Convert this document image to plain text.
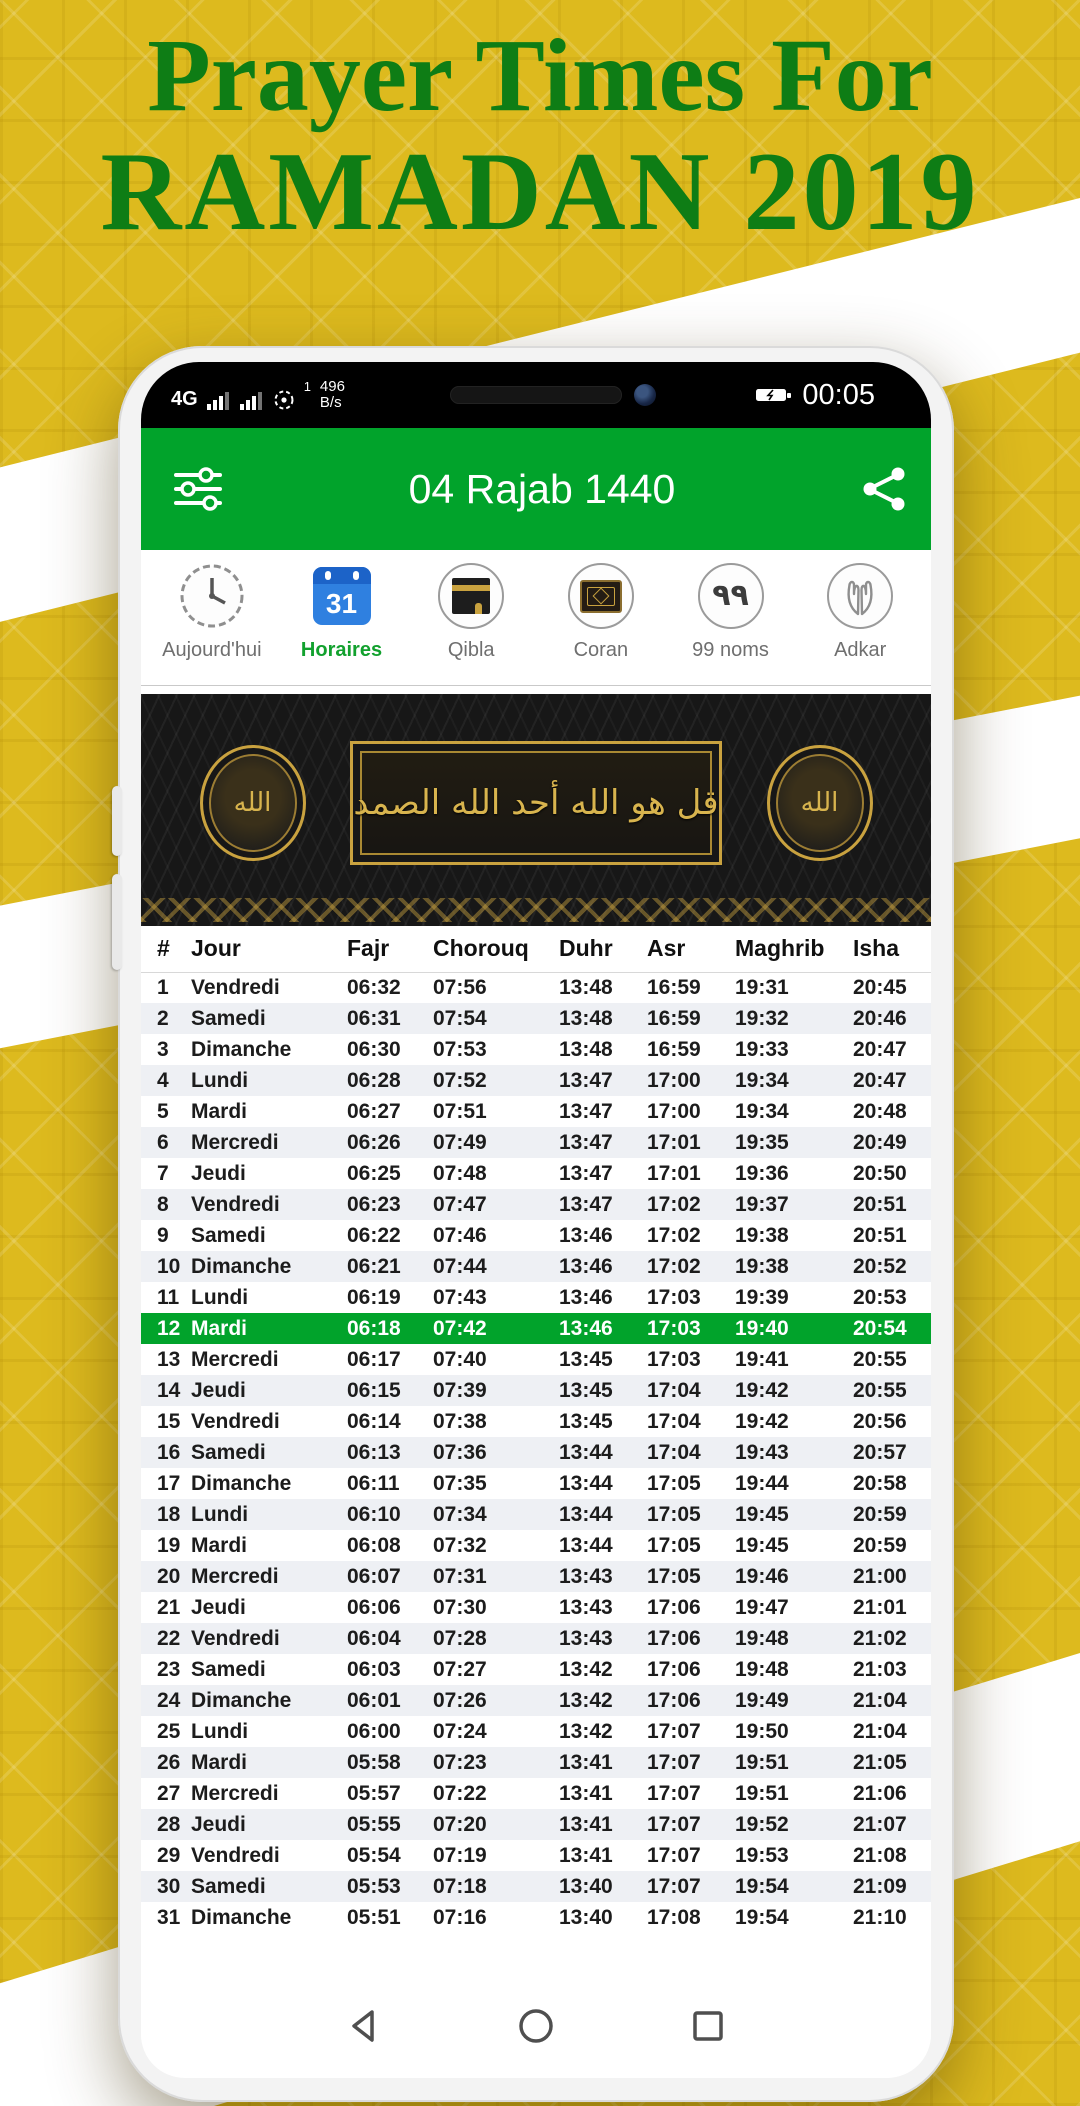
Prayer Times For
RAMADAN 2019
4G
1 496
B/s	00:05
04 Rajab 1440
Aujourd'hui
31
Horaires	Qibla	Coran
٩٩
99 noms	Adkar
الله قل هو الله أحد الله الصمد	الله
#	Jour	Fajr	Chorouq	Duhr	Asr	Maghrib	Isha
1	Vendredi	06:32	07:56	13:48	16:59	19:31	20:45
2	Samedi	06:31	07:54	13:48	16:59	19:32	20:46
3	Dimanche	06:30	07:53	13:48	16:59	19:33	20:47
4	Lundi	06:28	07:52	13:47	17:00	19:34	20:47
5	Mardi	06:27	07:51	13:47	17:00	19:34	20:48
6	Mercredi	06:26	07:49	13:47	17:01	19:35	20:49
7	Jeudi	06:25	07:48	13:47	17:01	19:36	20:50
8	Vendredi	06:23	07:47	13:47	17:02	19:37	20:51
9	Samedi	06:22	07:46	13:46	17:02	19:38	20:51
10	Dimanche	06:21	07:44	13:46	17:02	19:38	20:52
11	Lundi	06:19	07:43	13:46	17:03	19:39	20:53
12	Mardi	06:18	07:42	13:46	17:03	19:40	20:54
13	Mercredi	06:17	07:40	13:45	17:03	19:41	20:55
14	Jeudi	06:15	07:39	13:45	17:04	19:42	20:55
15	Vendredi	06:14	07:38	13:45	17:04	19:42	20:56
16	Samedi	06:13	07:36	13:44	17:04	19:43	20:57
17	Dimanche	06:11	07:35	13:44	17:05	19:44	20:58
18	Lundi	06:10	07:34	13:44	17:05	19:45	20:59
19	Mardi	06:08	07:32	13:44	17:05	19:45	20:59
20	Mercredi	06:07	07:31	13:43	17:05	19:46	21:00
21	Jeudi	06:06	07:30	13:43	17:06	19:47	21:01
22	Vendredi	06:04	07:28	13:43	17:06	19:48	21:02
23	Samedi	06:03	07:27	13:42	17:06	19:48	21:03
24	Dimanche	06:01	07:26	13:42	17:06	19:49	21:04
25	Lundi	06:00	07:24	13:42	17:07	19:50	21:04
26	Mardi	05:58	07:23	13:41	17:07	19:51	21:05
27	Mercredi	05:57	07:22	13:41	17:07	19:51	21:06
28	Jeudi	05:55	07:20	13:41	17:07	19:52	21:07
29	Vendredi	05:54	07:19	13:41	17:07	19:53	21:08
30	Samedi	05:53	07:18	13:40	17:07	19:54	21:09
31	Dimanche	05:51	07:16	13:40	17:08	19:54	21:10
